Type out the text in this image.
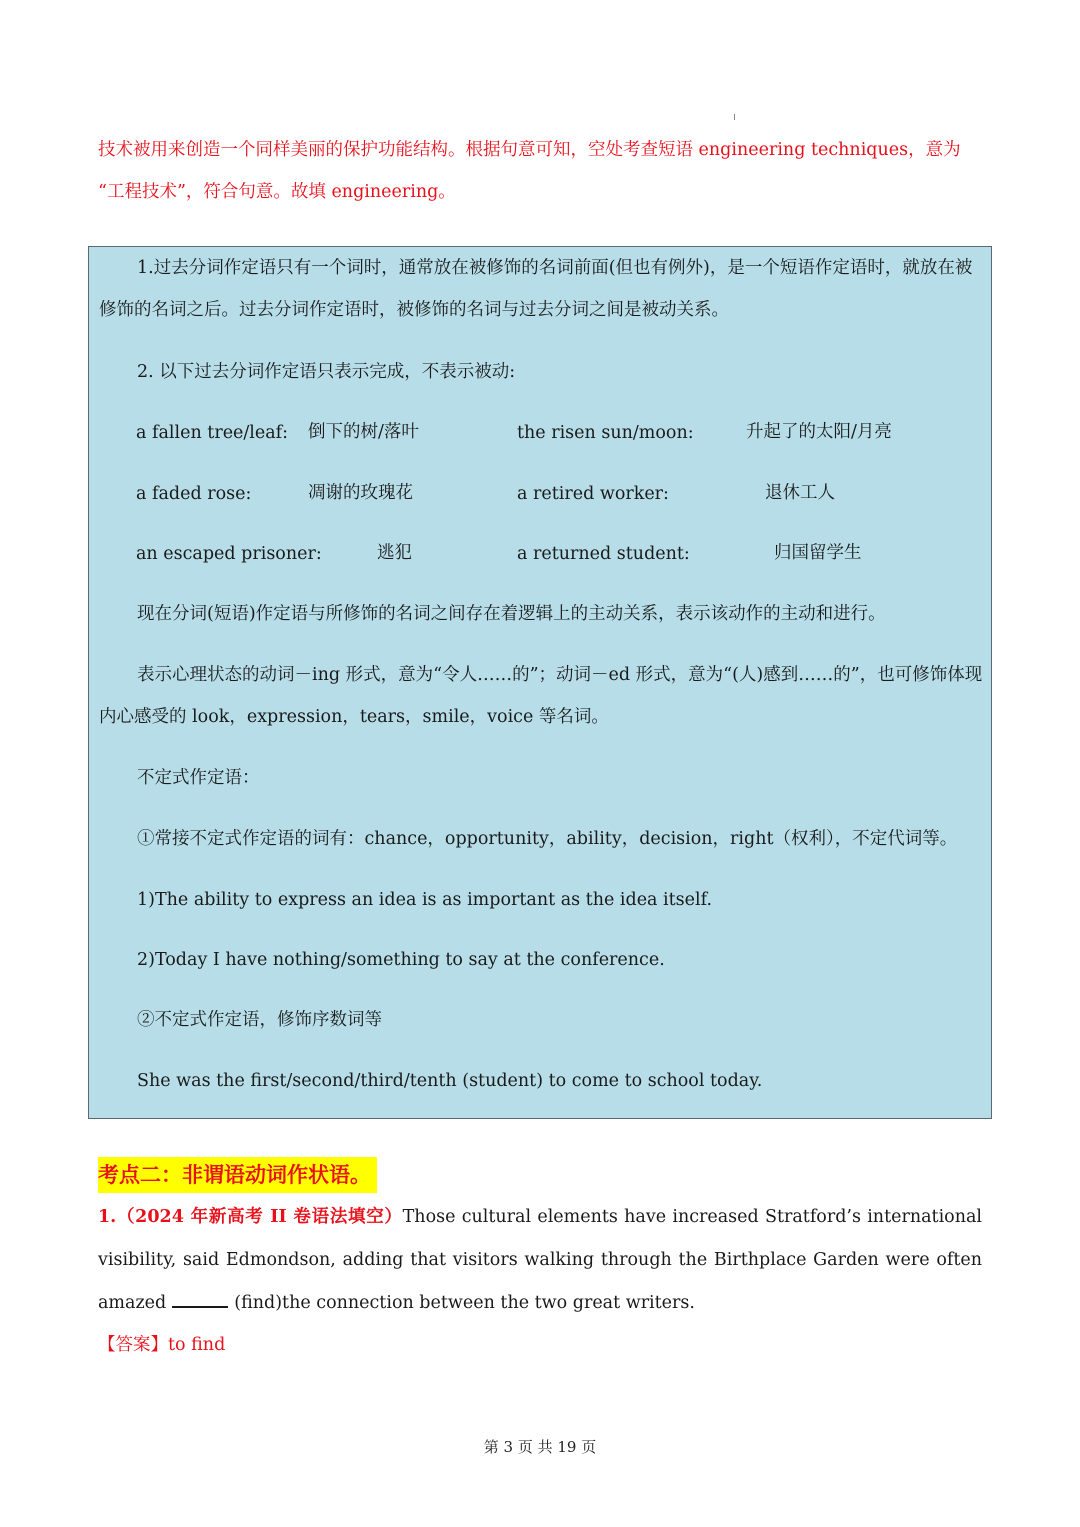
技术被用来创造一个同样美丽的保护功能结构。根据句意可知，空处考查短语 engineering techniques，意为

“工程技术”，符合句意。故填 engineering。

1.过去分词作定语只有一个词时，通常放在被修饰的名词前面(但也有例外)，是一个短语作定语时，就放在被修饰的名词之后。过去分词作定语时，被修饰的名词与过去分词之间是被动关系。

2. 以下过去分词作定语只表示完成，不表示被动:

a fallen tree/leaf: 倒下的树/落叶	the risen sun/moon:	升起了的太阳/月亮
a faded rose:	凋谢的玫瑰花	a retired worker:	退休工人
an escaped prisoner:	逃犯	a returned student:	归国留学生

现在分词(短语)作定语与所修饰的名词之间存在着逻辑上的主动关系，表示该动作的主动和进行。

表示心理状态的动词－ing 形式，意为“令人……的”；动词－ed 形式，意为“(人)感到……的”，也可修饰体现内心感受的 look，expression，tears，smile，voice 等名词。

不定式作定语：

①常接不定式作定语的词有：chance，opportunity，ability，decision，right（权利），不定代词等。

1)The ability to express an idea is as important as the idea itself.

2)Today I have nothing/something to say at the conference.

②不定式作定语，修饰序数词等

She was the first/second/third/tenth (student) to come to school today.

考点二：非谓语动词作状语。

1.（2024 年新高考 II 卷语法填空）Those cultural elements have increased Stratford’s international visibility, said Edmondson, adding that visitors walking through the Birthplace Garden were often amazed	(find)the connection between the two great writers.

【答案】to find
第 3 页 共 19 页
